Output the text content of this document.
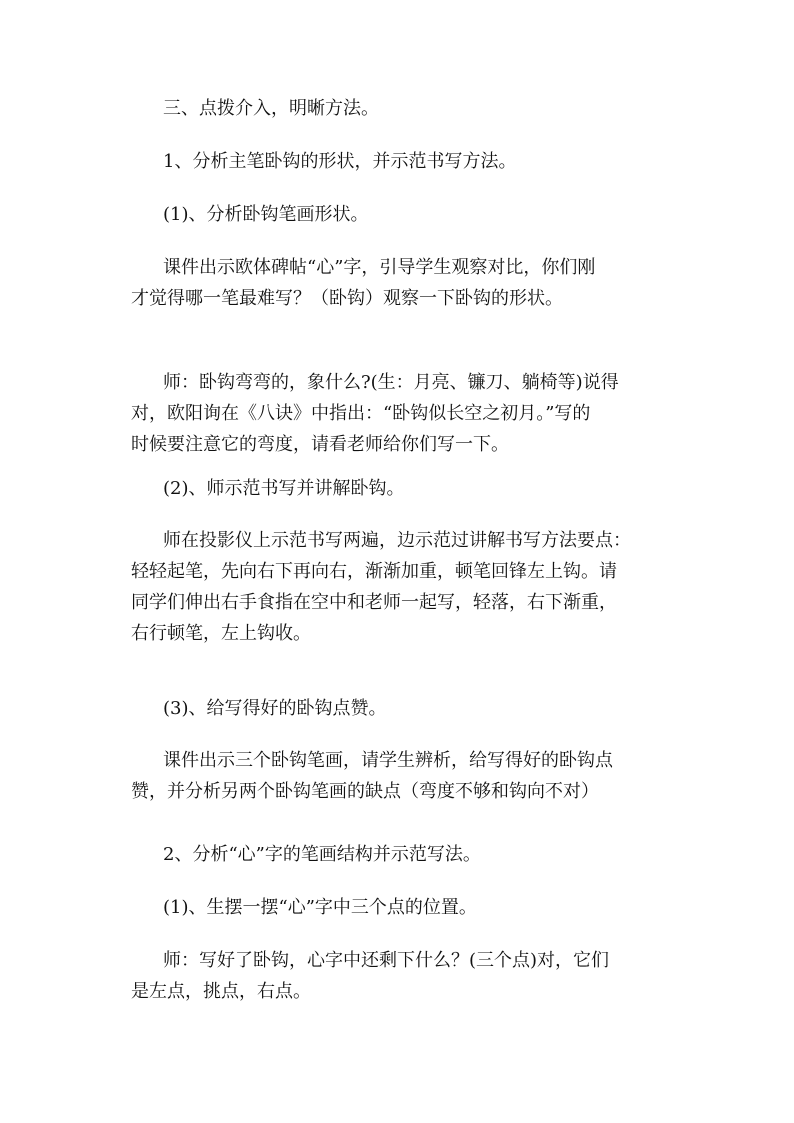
三、点拨介入，明晰方法。
1、分析主笔卧钩的形状，并示范书写方法。
(1)、分析卧钩笔画形状。
课件出示欧体碑帖“心”字，引导学生观察对比，你们刚
才觉得哪一笔最难写？（卧钩）观察一下卧钩的形状。
师：卧钩弯弯的，象什么?(生：月亮、镰刀、躺椅等)说得
对，欧阳询在《八诀》中指出：“卧钩似长空之初月。”写的
时候要注意它的弯度，请看老师给你们写一下。
(2)、师示范书写并讲解卧钩。
师在投影仪上示范书写两遍，边示范过讲解书写方法要点：
轻轻起笔，先向右下再向右，渐渐加重，顿笔回锋左上钩。请
同学们伸出右手食指在空中和老师一起写，轻落，右下渐重，
右行顿笔，左上钩收。
(3)、给写得好的卧钩点赞。
课件出示三个卧钩笔画，请学生辨析，给写得好的卧钩点
赞，并分析另两个卧钩笔画的缺点（弯度不够和钩向不对）
2、分析“心”字的笔画结构并示范写法。
(1)、生摆一摆“心”字中三个点的位置。
师：写好了卧钩，心字中还剩下什么？(三个点)对，它们
是左点，挑点，右点。
